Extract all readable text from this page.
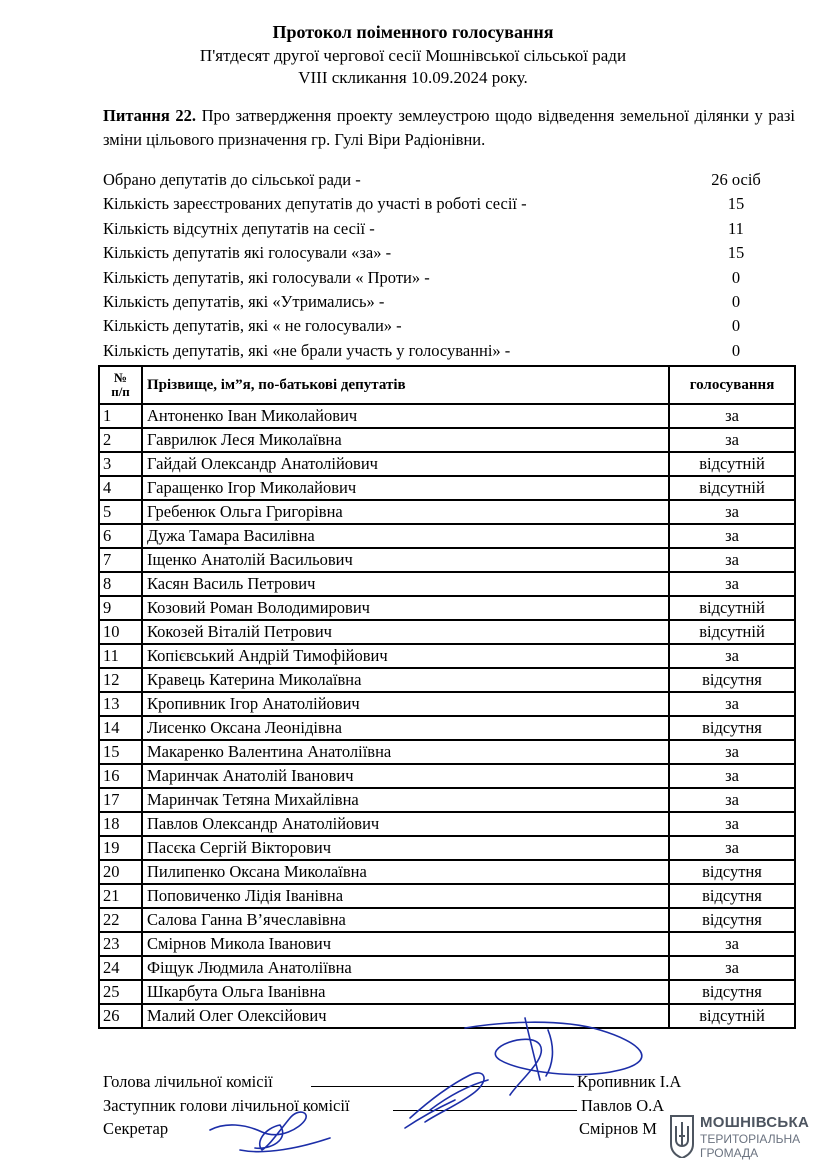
Протокол поіменного голосування
П'ятдесят другої чергової сесії Мошнівської сільської ради
VIII скликання 10.09.2024 року.
Питання 22. Про затвердження проекту землеустрою щодо відведення земельної ділянки у разі зміни цільового призначення гр. Гулі Віри Радіонівни.
Обрано депутатів до сільської ради -	26 осіб
Кількість зареєстрованих депутатів до участі в роботі сесії -	15
Кількість відсутніх депутатів на сесії -	11
Кількість депутатів які голосували «за» -	15
Кількість депутатів, які голосували « Проти» -	0
Кількість депутатів, які «Утримались» -	0
Кількість депутатів, які « не голосували» -	0
Кількість депутатів, які «не брали участь у голосуванні» -	0
№
п/п	Прізвище, ім”я, по-батькові депутатів	голосування
1	Антоненко Іван Миколайович	за
2	Гаврилюк Леся Миколаївна	за
3	Гайдай Олександр Анатолійович	відсутній
4	Гаращенко Ігор Миколайович	відсутній
5	Гребенюк Ольга Григорівна	за
6	Дужа Тамара Василівна	за
7	Іщенко Анатолій Васильович	за
8	Касян Василь Петрович	за
9	Козовий Роман Володимирович	відсутній
10	Кокозей Віталій Петрович	відсутній
11	Копієвський Андрій Тимофійович	за
12	Кравець Катерина Миколаївна	відсутня
13	Кропивник Ігор Анатолійович	за
14	Лисенко Оксана Леонідівна	відсутня
15	Макаренко Валентина Анатоліївна	за
16	Маринчак Анатолій Іванович	за
17	Маринчак Тетяна Михайлівна	за
18	Павлов Олександр Анатолійович	за
19	Пасєка Сергій Вікторович	за
20	Пилипенко Оксана Миколаївна	відсутня
21	Поповиченко Лідія Іванівна	відсутня
22	Салова Ганна В’ячеславівна	відсутня
23	Смірнов Микола Іванович	за
24	Фіщук Людмила Анатоліївна	за
25	Шкарбута Ольга Іванівна	відсутня
26	Малий Олег Олексійович	відсутній
Голова лічильної комісії	Кропивник І.А
Заступник голови лічильної комісії	Павлов О.А
Секретар	Смірнов М	МОШНІВСЬКА
ТЕРИТОРІАЛЬНА
ГРОМАДА
